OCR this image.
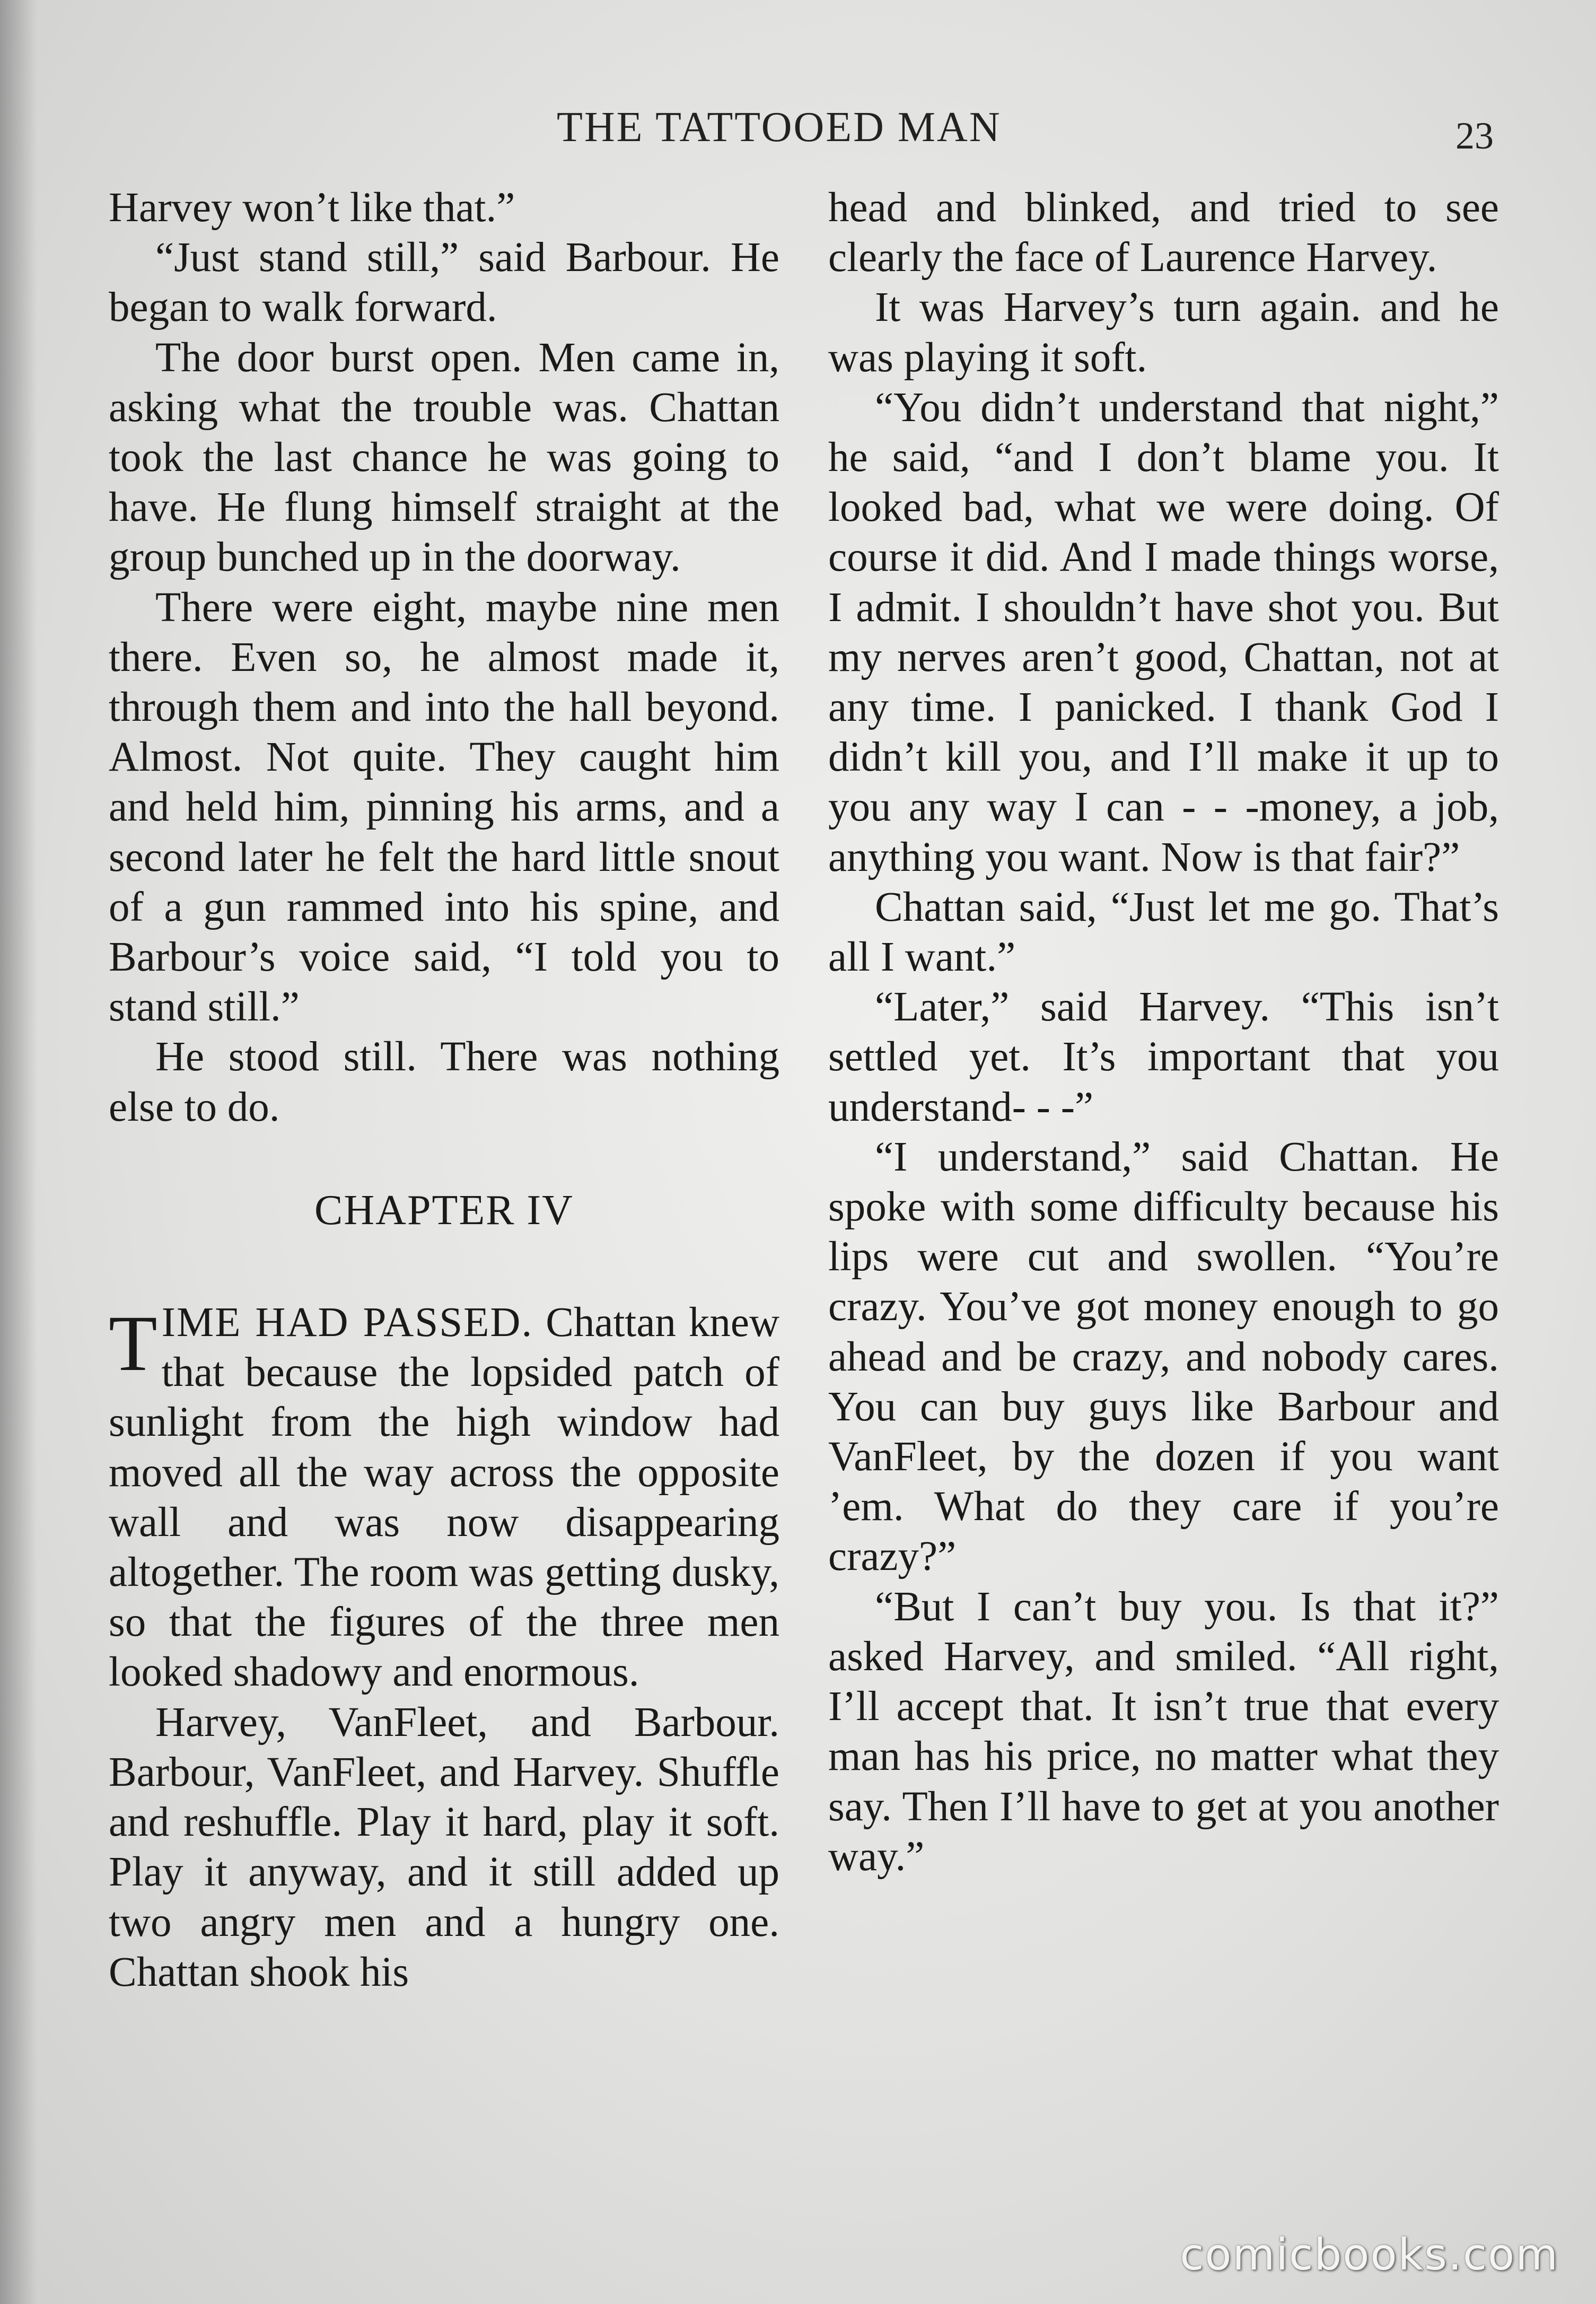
THE TATTOOED MAN	23

Harvey won’t like that.”

“Just stand still,” said Barbour. He began to walk forward.

The door burst open. Men came in, asking what the trouble was. Chattan took the last chance he was going to have. He flung himself straight at the group bunched up in the doorway.

There were eight, maybe nine men there. Even so, he almost made it, through them and into the hall beyond. Almost. Not quite. They caught him and held him, pinning his arms, and a second later he felt the hard little snout of a gun rammed into his spine, and Barbour’s voice said, “I told you to stand still.”

He stood still. There was nothing else to do.

CHAPTER IV

TIME HAD PASSED. Chattan knew that because the lopsided patch of sunlight from the high window had moved all the way across the opposite wall and was now disappearing altogether. The room was getting dusky, so that the figures of the three men looked shadowy and enormous.

Harvey, VanFleet, and Barbour. Barbour, VanFleet, and Harvey. Shuffle and reshuffle. Play it hard, play it soft. Play it anyway, and it still added up two angry men and a hungry one. Chattan shook his

head and blinked, and tried to see clearly the face of Laurence Harvey.

It was Harvey’s turn again. and he was playing it soft.

“You didn’t understand that night,” he said, “and I don’t blame you. It looked bad, what we were doing. Of course it did. And I made things worse, I admit. I shouldn’t have shot you. But my nerves aren’t good, Chattan, not at any time. I panicked. I thank God I didn’t kill you, and I’ll make it up to you any way I can - - -money, a job, anything you want. Now is that fair?”

Chattan said, “Just let me go. That’s all I want.”

“Later,” said Harvey. “This isn’t settled yet. It’s important that you understand- - -”

“I understand,” said Chattan. He spoke with some difficulty because his lips were cut and swollen. “You’re crazy. You’ve got money enough to go ahead and be crazy, and nobody cares. You can buy guys like Barbour and VanFleet, by the dozen if you want ’em. What do they care if you’re crazy?”

“But I can’t buy you. Is that it?” asked Harvey, and smiled. “All right, I’ll accept that. It isn’t true that every man has his price, no matter what they say. Then I’ll have to get at you another way.”

comicbooks.com
